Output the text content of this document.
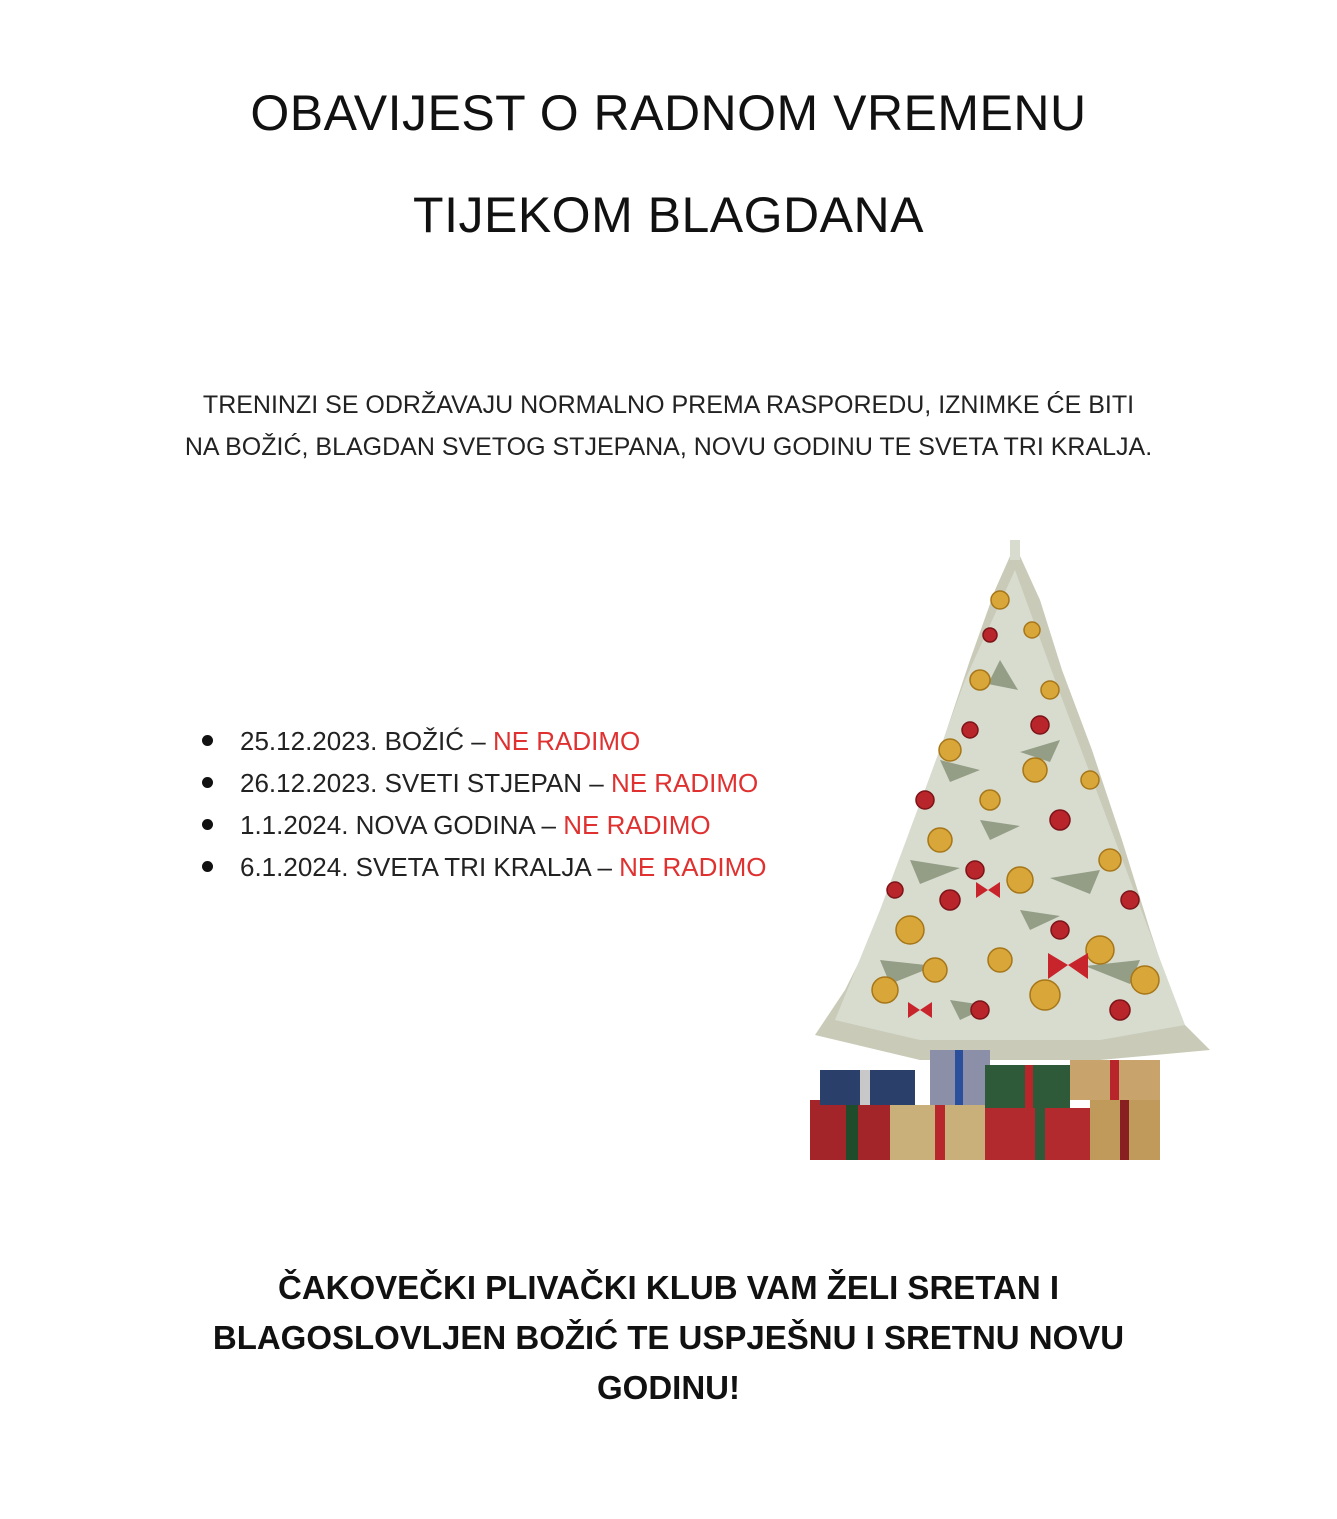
OBAVIJEST O RADNOM VREMENU
TIJEKOM BLAGDANA

TRENINZI SE ODRŽAVAJU NORMALNO PREMA RASPOREDU, IZNIMKE ĆE BITI
NA BOŽIĆ, BLAGDAN SVETOG STJEPANA, NOVU GODINU TE SVETA TRI KRALJA.

25.12.2023. BOŽIĆ – NE RADIMO
26.12.2023. SVETI STJEPAN – NE RADIMO
1.1.2024. NOVA GODINA – NE RADIMO
6.1.2024. SVETA TRI KRALJA – NE RADIMO

ČAKOVEČKI PLIVAČKI KLUB VAM ŽELI SRETAN I
BLAGOSLOVLJEN BOŽIĆ TE USPJEŠNU I SRETNU NOVU
GODINU!
